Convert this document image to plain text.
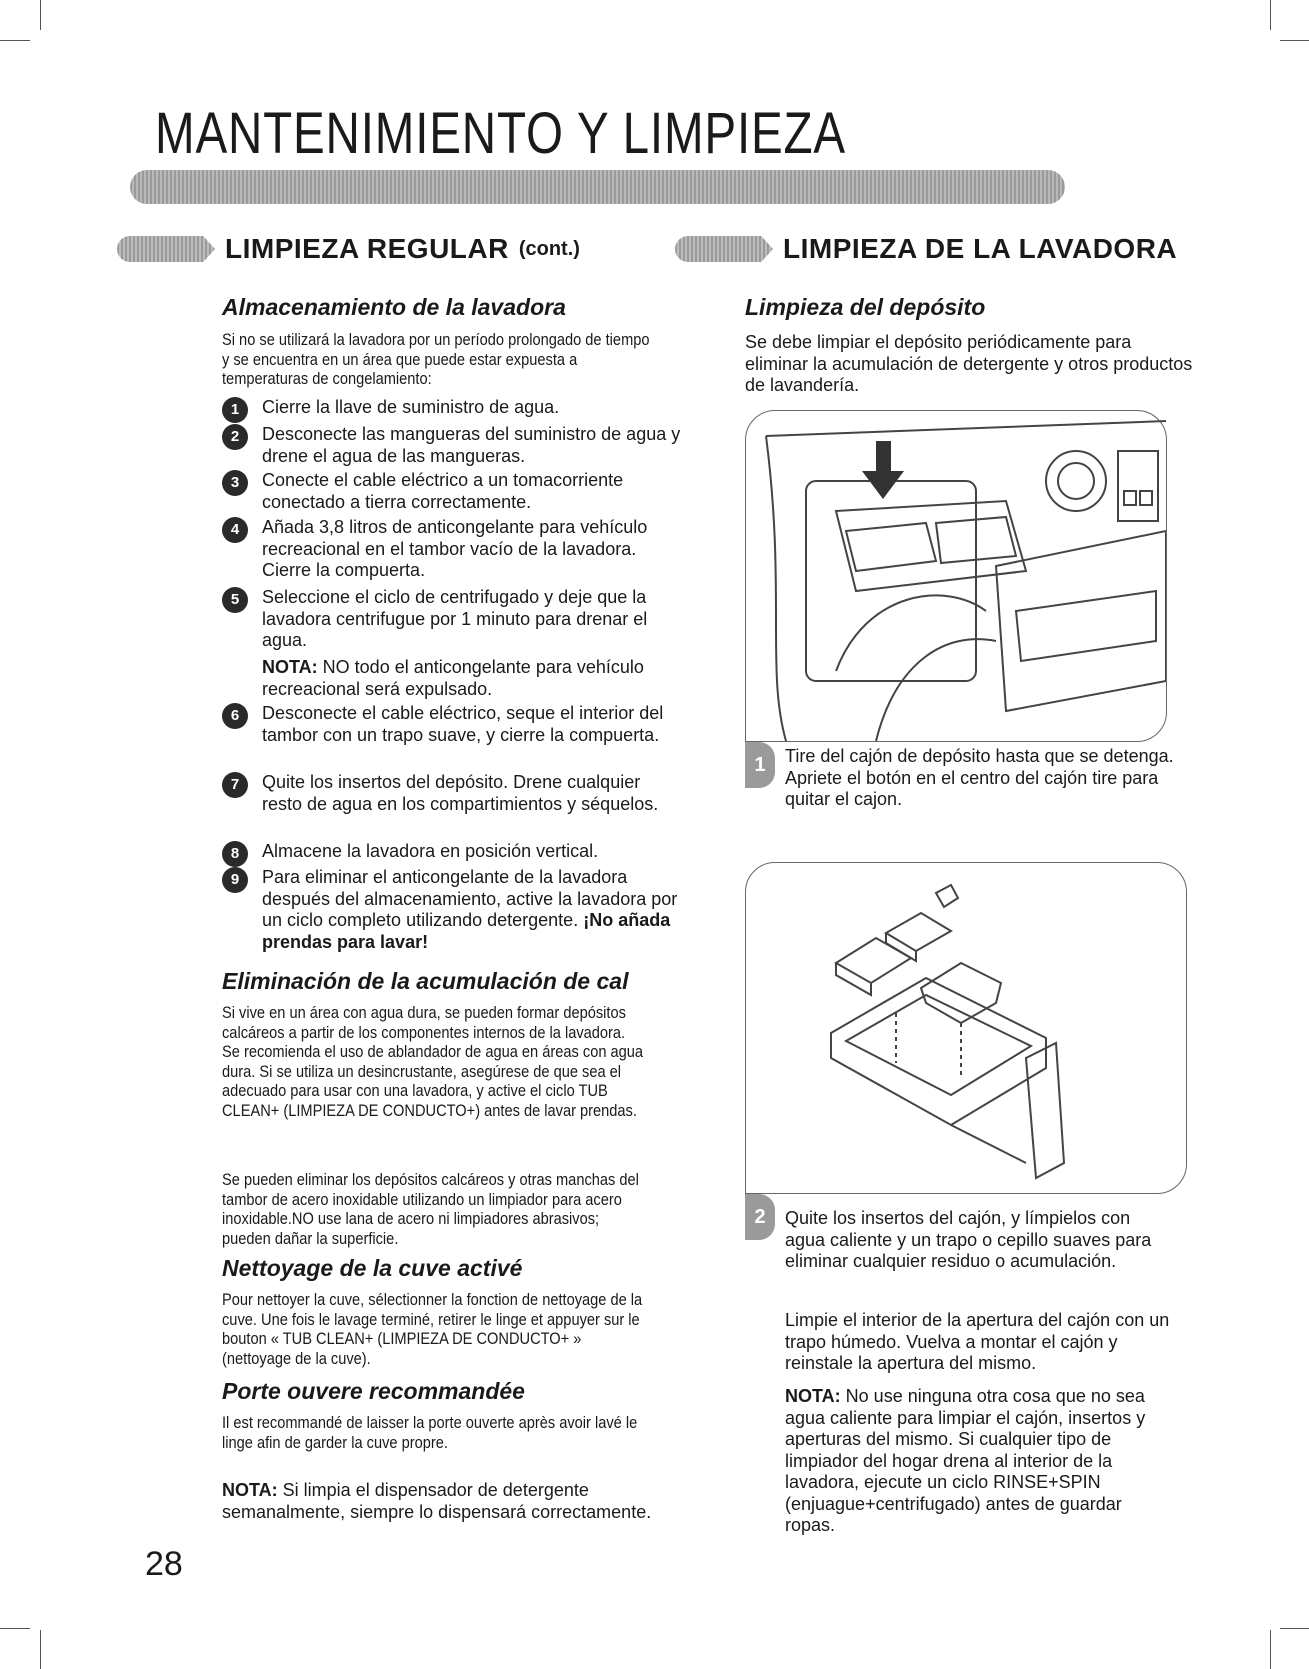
MANTENIMIENTO Y LIMPIEZA
LIMPIEZA REGULAR (cont.)	LIMPIEZA DE LA LAVADORA
Almacenamiento de la lavadora
Si no se utilizará la lavadora por un período prolongado de tiempo y se encuentra en un área que puede estar expuesta a temperaturas de congelamiento:
1	Cierre la llave de suministro de agua.
2	Desconecte las mangueras del suministro de agua y drene el agua de las mangueras.
3	Conecte el cable eléctrico a un tomacorriente conectado a tierra correctamente.
4	Añada 3,8 litros de anticongelante para vehículo recreacional en el tambor vacío de la lavadora. Cierre la compuerta.
5	Seleccione el ciclo de centrifugado y deje que la lavadora centrifugue por 1 minuto para drenar el agua.
NOTA: NO todo el anticongelante para vehículo recreacional será expulsado.
6	Desconecte el cable eléctrico, seque el interior del tambor con un trapo suave, y cierre la compuerta.
7	Quite los insertos del depósito. Drene cualquier resto de agua en los compartimientos y séquelos.
8	Almacene la lavadora en posición vertical.
9	Para eliminar el anticongelante de la lavadora después del almacenamiento, active la lavadora por un ciclo completo utilizando detergente. ¡No añada prendas para lavar!
Eliminación de la acumulación de cal
Si vive en un área con agua dura, se pueden formar depósitos calcáreos a partir de los componentes internos de la lavadora. Se recomienda el uso de ablandador de agua en áreas con agua dura. Si se utiliza un desincrustante, asegúrese de que sea el adecuado para usar con una lavadora, y active el ciclo TUB CLEAN+ (LIMPIEZA DE CONDUCTO+) antes de lavar prendas.
Se pueden eliminar los depósitos calcáreos y otras manchas del tambor de acero inoxidable utilizando un limpiador para acero inoxidable.NO use lana de acero ni limpiadores abrasivos; pueden dañar la superficie.
Nettoyage de la cuve activé
Pour nettoyer la cuve, sélectionner la fonction de nettoyage de la cuve. Une fois le lavage terminé, retirer le linge et appuyer sur le bouton « TUB CLEAN+ (LIMPIEZA DE CONDUCTO+ » (nettoyage de la cuve).
Porte ouvere recommandée
Il est recommandé de laisser la porte ouverte après avoir lavé le linge afin de garder la cuve propre.
NOTA: Si limpia el dispensador de detergente semanalmente, siempre lo dispensará correctamente.
28
Limpieza del depósito
Se debe limpiar el depósito periódicamente para eliminar la acumulación de detergente y otros productos de lavandería.
1	Tire del cajón de depósito hasta que se detenga. Apriete el botón en el centro del cajón tire para quitar el cajon.
2	Quite los insertos del cajón, y límpielos con agua caliente y un trapo o cepillo suaves para eliminar cualquier residuo o acumulación.
Limpie el interior de la apertura del cajón con un trapo húmedo. Vuelva a montar el cajón y reinstale la apertura del mismo.
NOTA: No use ninguna otra cosa que no sea agua caliente para limpiar el cajón, insertos y aperturas del mismo. Si cualquier tipo de limpiador del hogar drena al interior de la lavadora, ejecute un ciclo RINSE+SPIN (enjuague+centrifugado) antes de guardar ropas.
